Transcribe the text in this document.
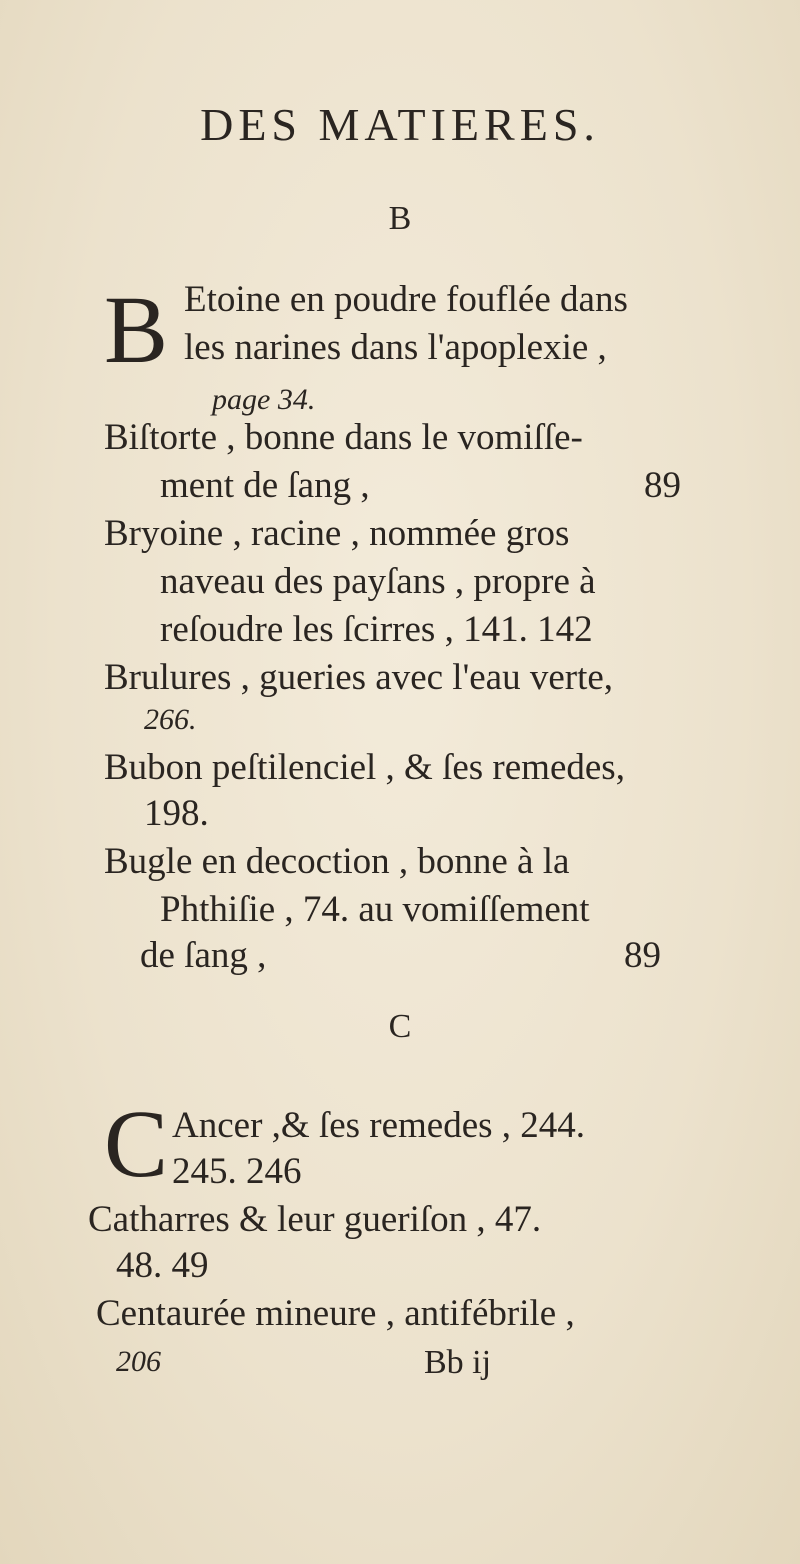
DES MATIERES.
B
B Etoine en poudre fouflée dans
les narines dans l'apoplexie ,
page 34.
Biſtorte , bonne dans le vomiſſe-
ment de ſang ,	89
Bryoine , racine , nommée gros
naveau des payſans , propre à
reſoudre les ſcirres , 141. 142
Brulures , gueries avec l'eau verte,
266.
Bubon peſtilenciel , & ſes remedes,
198.
Bugle en decoction , bonne à la
Phthiſie , 74. au vomiſſement
de ſang ,	89
C
C Ancer ,& ſes remedes , 244.
245. 246
Catharres & leur gueriſon , 47.
48. 49
Centaurée mineure , antifébrile ,
206	Bb ij
